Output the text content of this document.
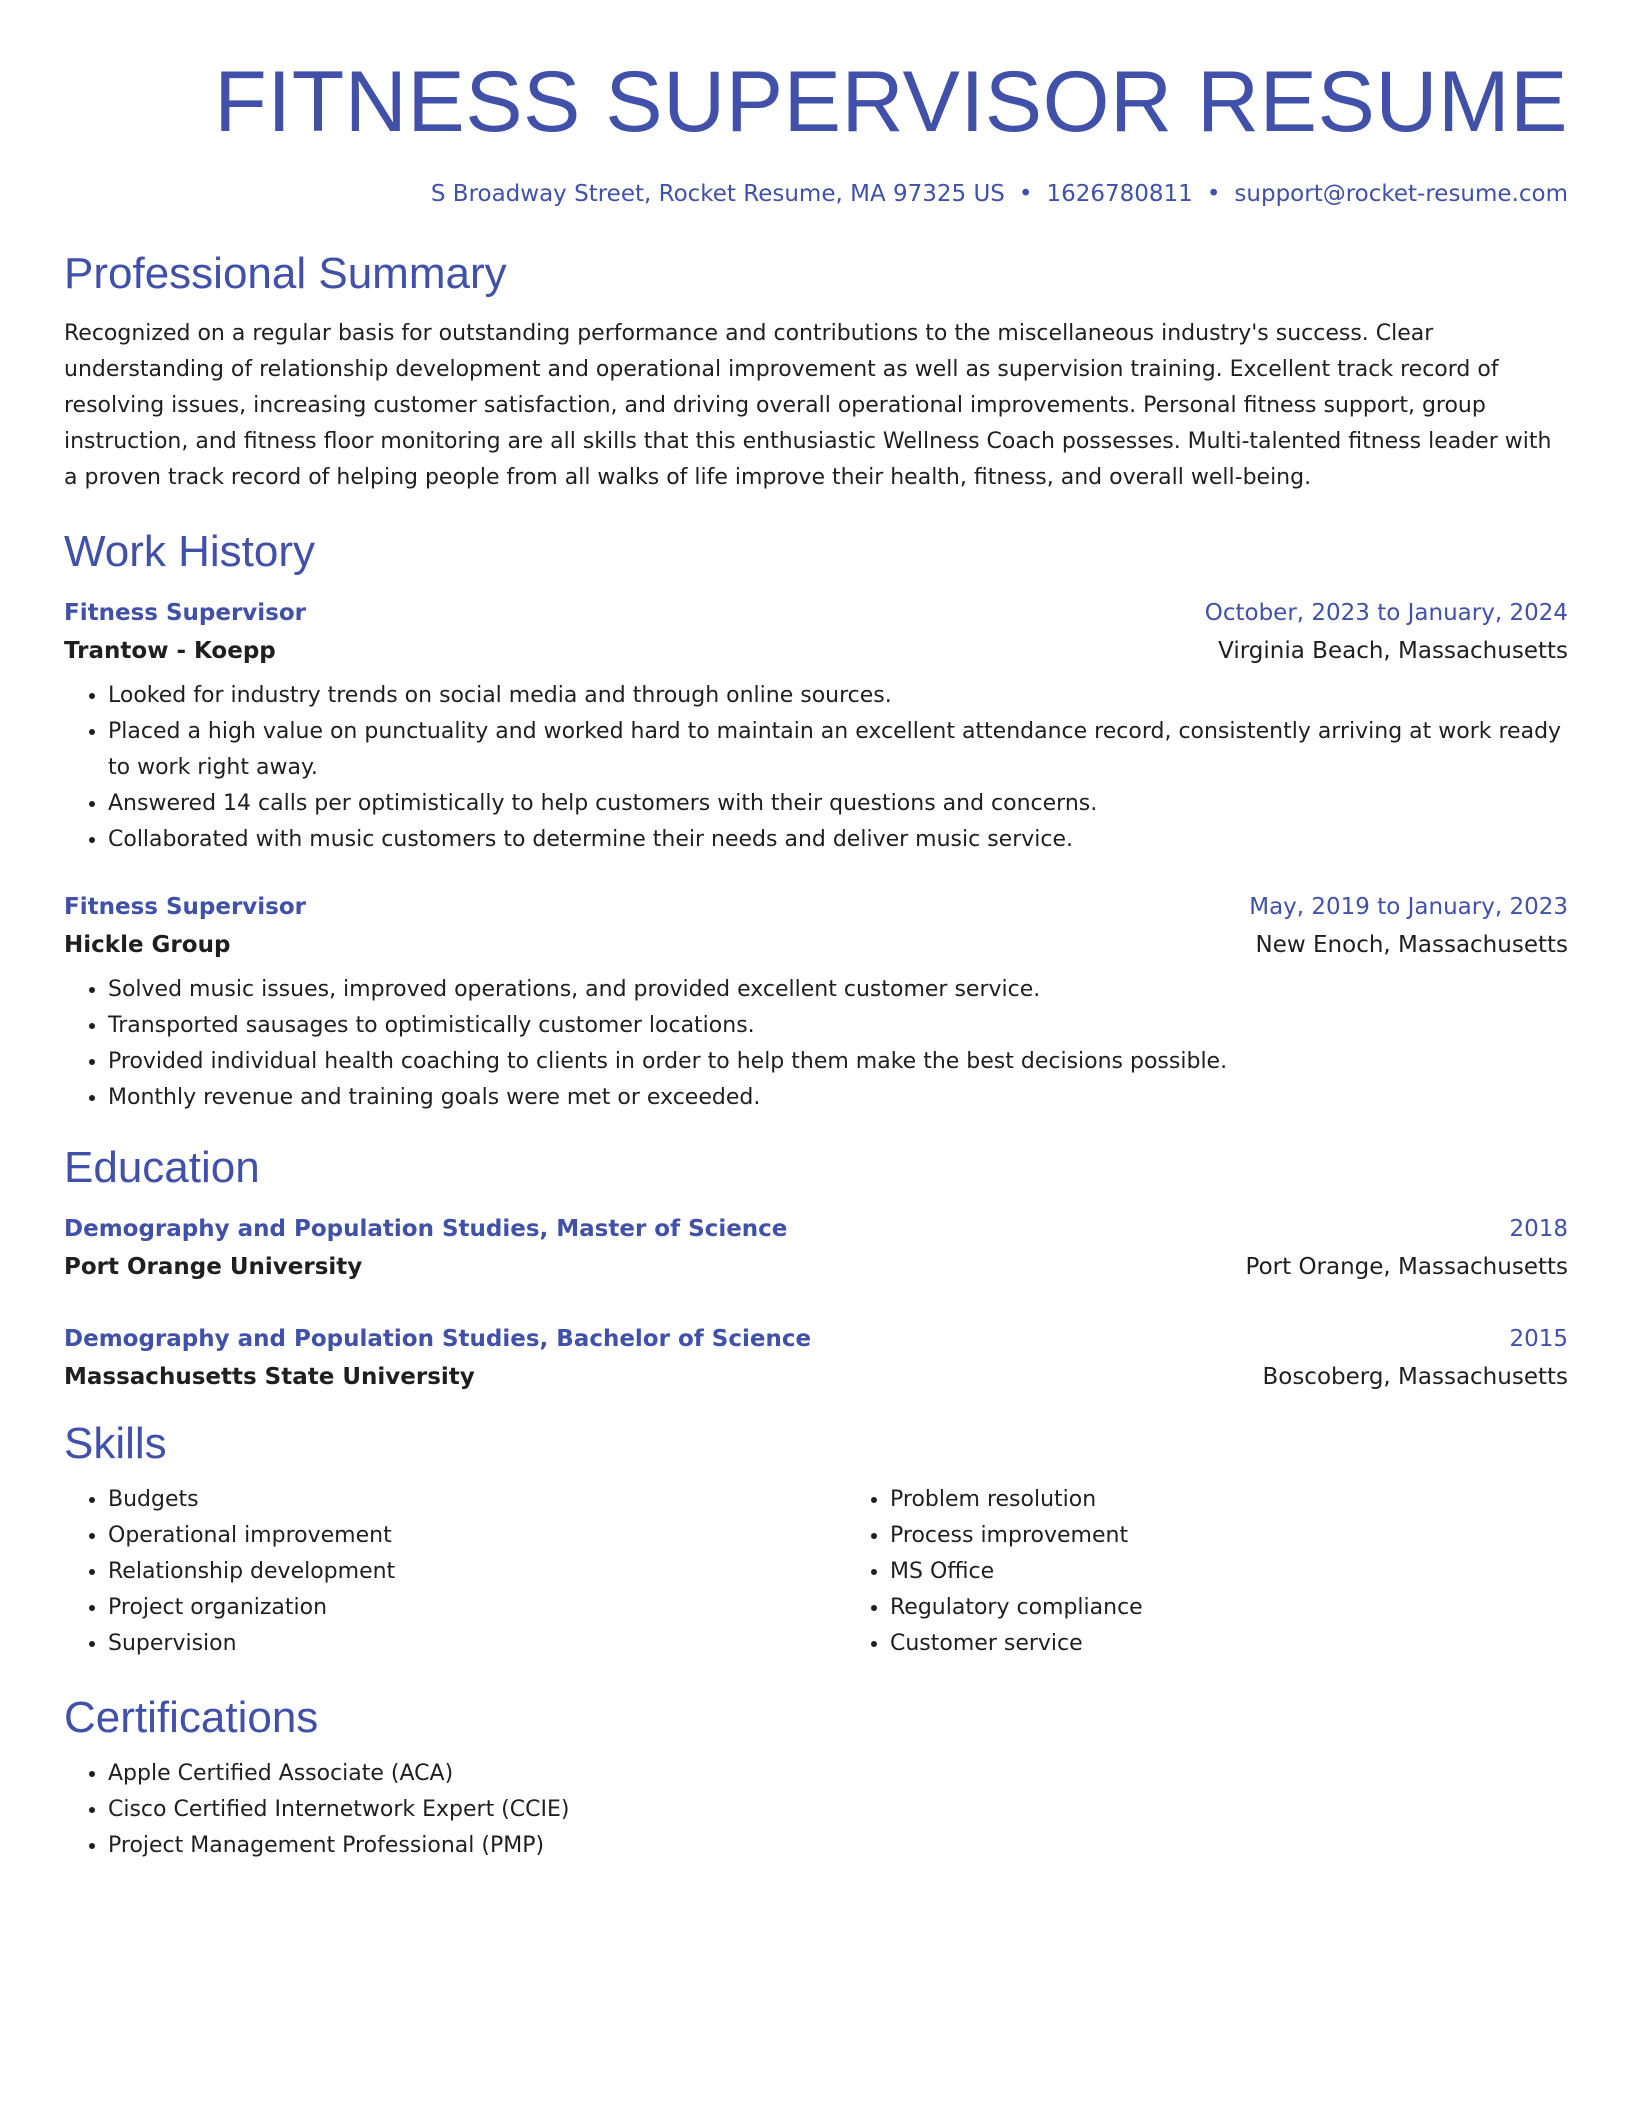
FITNESS SUPERVISOR RESUME
S Broadway Street, Rocket Resume, MA 97325 US • 1626780811 • support@rocket-resume.com
Professional Summary

Recognized on a regular basis for outstanding performance and contributions to the miscellaneous industry's success. Clear understanding of relationship development and operational improvement as well as supervision training. Excellent track record of resolving issues, increasing customer satisfaction, and driving overall operational improvements. Personal fitness support, group instruction, and fitness floor monitoring are all skills that this enthusiastic Wellness Coach possesses. Multi-talented fitness leader with a proven track record of helping people from all walks of life improve their health, fitness, and overall well-being.

Work History
Fitness Supervisor	October, 2023 to January, 2024
Trantow - Koepp	Virginia Beach, Massachusetts
• Looked for industry trends on social media and through online sources.
• Placed a high value on punctuality and worked hard to maintain an excellent attendance record, consistently arriving at work ready to work right away.
• Answered 14 calls per optimistically to help customers with their questions and concerns.
• Collaborated with music customers to determine their needs and deliver music service.
Fitness Supervisor	May, 2019 to January, 2023
Hickle Group	New Enoch, Massachusetts
• Solved music issues, improved operations, and provided excellent customer service.
• Transported sausages to optimistically customer locations.
• Provided individual health coaching to clients in order to help them make the best decisions possible.
• Monthly revenue and training goals were met or exceeded.
Education
Demography and Population Studies, Master of Science	2018
Port Orange University	Port Orange, Massachusetts
Demography and Population Studies, Bachelor of Science	2015
Massachusetts State University	Boscoberg, Massachusetts
Skills
• Budgets
• Operational improvement
• Relationship development
• Project organization
• Supervision
• Problem resolution
• Process improvement
• MS Office
• Regulatory compliance
• Customer service
Certifications
• Apple Certified Associate (ACA)
• Cisco Certified Internetwork Expert (CCIE)
• Project Management Professional (PMP)
